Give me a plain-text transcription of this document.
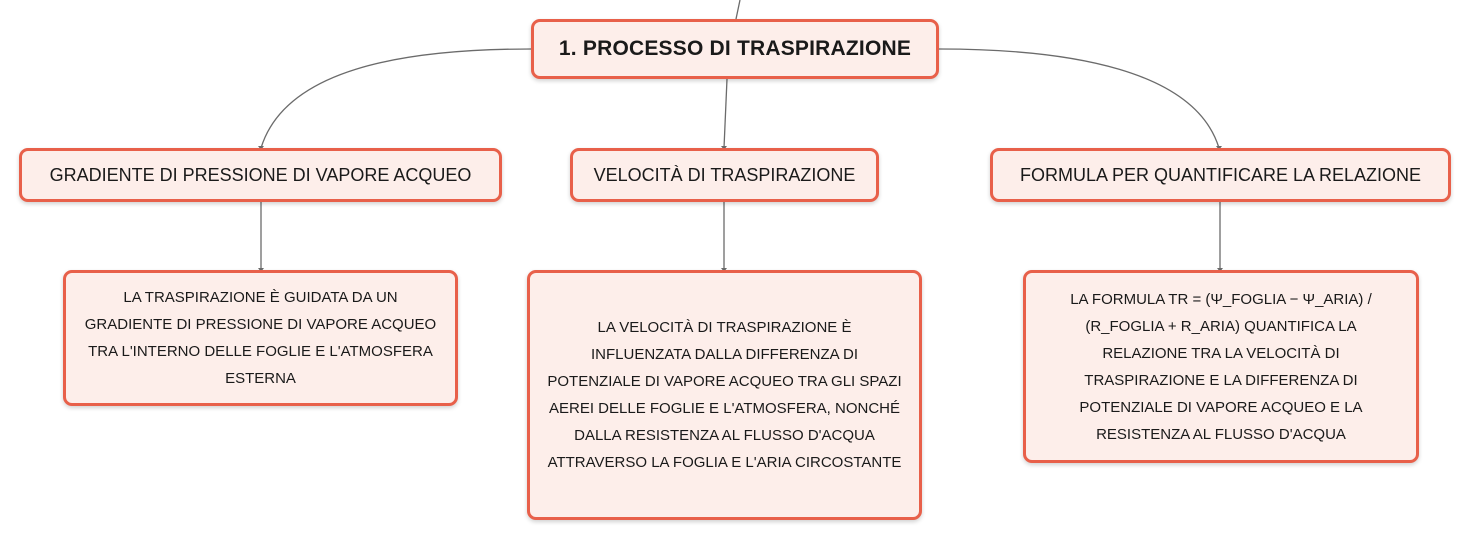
1. PROCESSO DI TRASPIRAZIONE
GRADIENTE DI PRESSIONE DI VAPORE ACQUEO	VELOCITÀ DI TRASPIRAZIONE	FORMULA PER QUANTIFICARE LA RELAZIONE
LA TRASPIRAZIONE È GUIDATA DA UN GRADIENTE DI PRESSIONE DI VAPORE ACQUEO TRA L'INTERNO DELLE FOGLIE E L'ATMOSFERA ESTERNA
LA VELOCITÀ DI TRASPIRAZIONE È INFLUENZATA DALLA DIFFERENZA DI POTENZIALE DI VAPORE ACQUEO TRA GLI SPAZI AEREI DELLE FOGLIE E L'ATMOSFERA, NONCHÉ DALLA RESISTENZA AL FLUSSO D'ACQUA ATTRAVERSO LA FOGLIA E L'ARIA CIRCOSTANTE
LA FORMULA TR = (Ψ_FOGLIA − Ψ_ARIA) / (R_FOGLIA + R_ARIA) QUANTIFICA LA RELAZIONE TRA LA VELOCITÀ DI TRASPIRAZIONE E LA DIFFERENZA DI POTENZIALE DI VAPORE ACQUEO E LA RESISTENZA AL FLUSSO D'ACQUA
